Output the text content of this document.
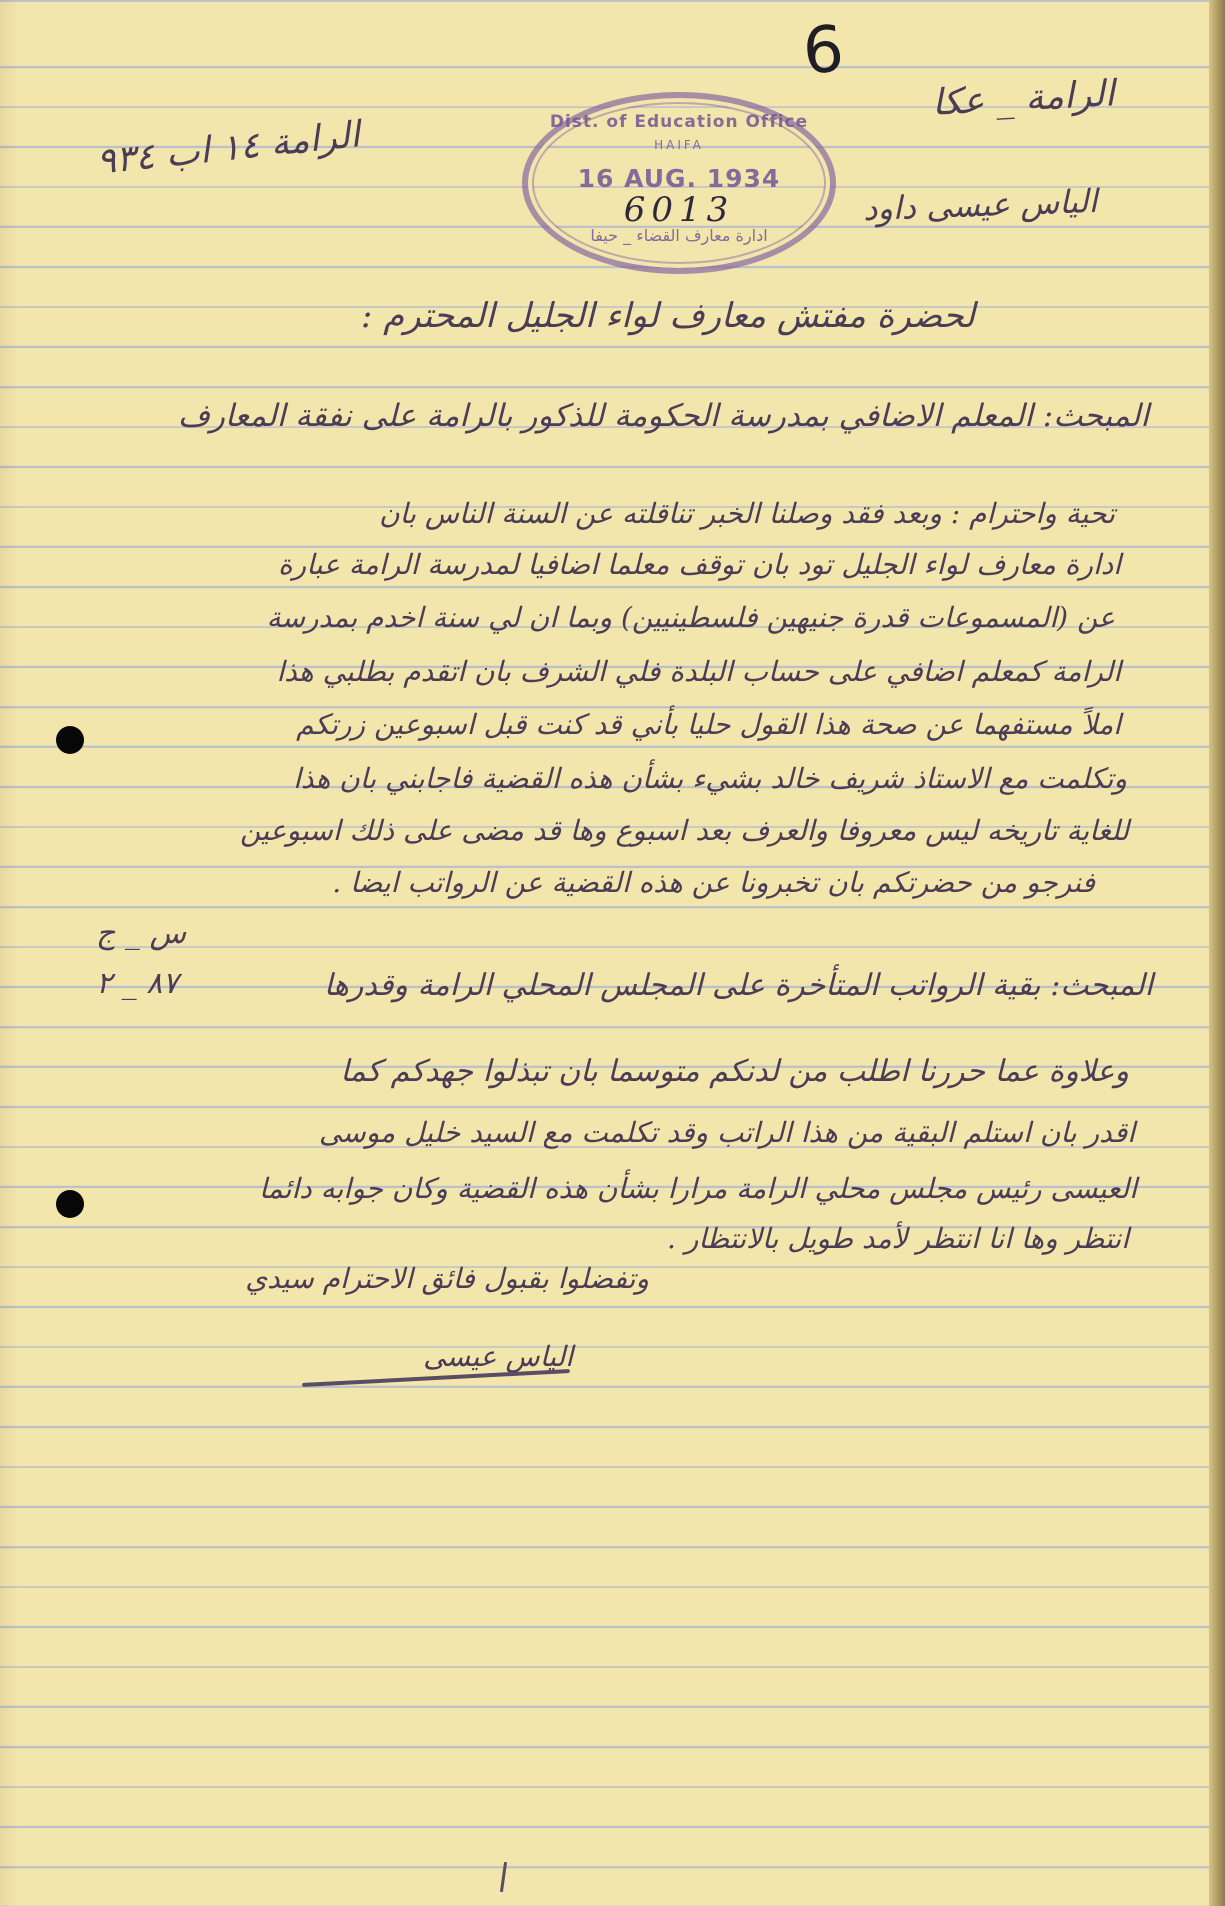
6
الرامة _ عكا
الياس عيسى داود
الرامة ١٤ اب ٩٣٤	Dist. of Education Office
HAIFA
16 AUG. 1934
6013
ادارة معارف القضاء _ حيفا
لحضرة مفتش معارف لواء الجليل المحترم :
المبحث: المعلم الاضافي بمدرسة الحكومة للذكور بالرامة على نفقة المعارف
تحية واحترام : وبعد فقد وصلنا الخبر تناقلته عن السنة الناس بان
ادارة معارف لواء الجليل تود بان توقف معلما اضافيا لمدرسة الرامة عبارة
عن (المسموعات قدرة جنيهين فلسطينيين) وبما ان لي سنة اخدم بمدرسة
الرامة كمعلم اضافي على حساب البلدة فلي الشرف بان اتقدم بطلبي هذا
املاً مستفهما عن صحة هذا القول حليا بأني قد كنت قبل اسبوعين زرتكم
وتكلمت مع الاستاذ شريف خالد بشيء بشأن هذه القضية فاجابني بان هذا
للغاية تاريخه ليس معروفا والعرف بعد اسبوع وها قد مضى على ذلك اسبوعين
فنرجو من حضرتكم بان تخبرونا عن هذه القضية عن الرواتب ايضا .
المبحث: بقية الرواتب المتأخرة على المجلس المحلي الرامة وقدرها
س _ ج
٨٧ _ ٢
وعلاوة عما حررنا اطلب من لدنكم متوسما بان تبذلوا جهدكم كما
اقدر بان استلم البقية من هذا الراتب وقد تكلمت مع السيد خليل موسى
العيسى رئيس مجلس محلي الرامة مرارا بشأن هذه القضية وكان جوابه دائما
انتظر وها انا انتظر لأمد طويل بالانتظار .
وتفضلوا بقبول فائق الاحترام سيدي
الياس عيسى
